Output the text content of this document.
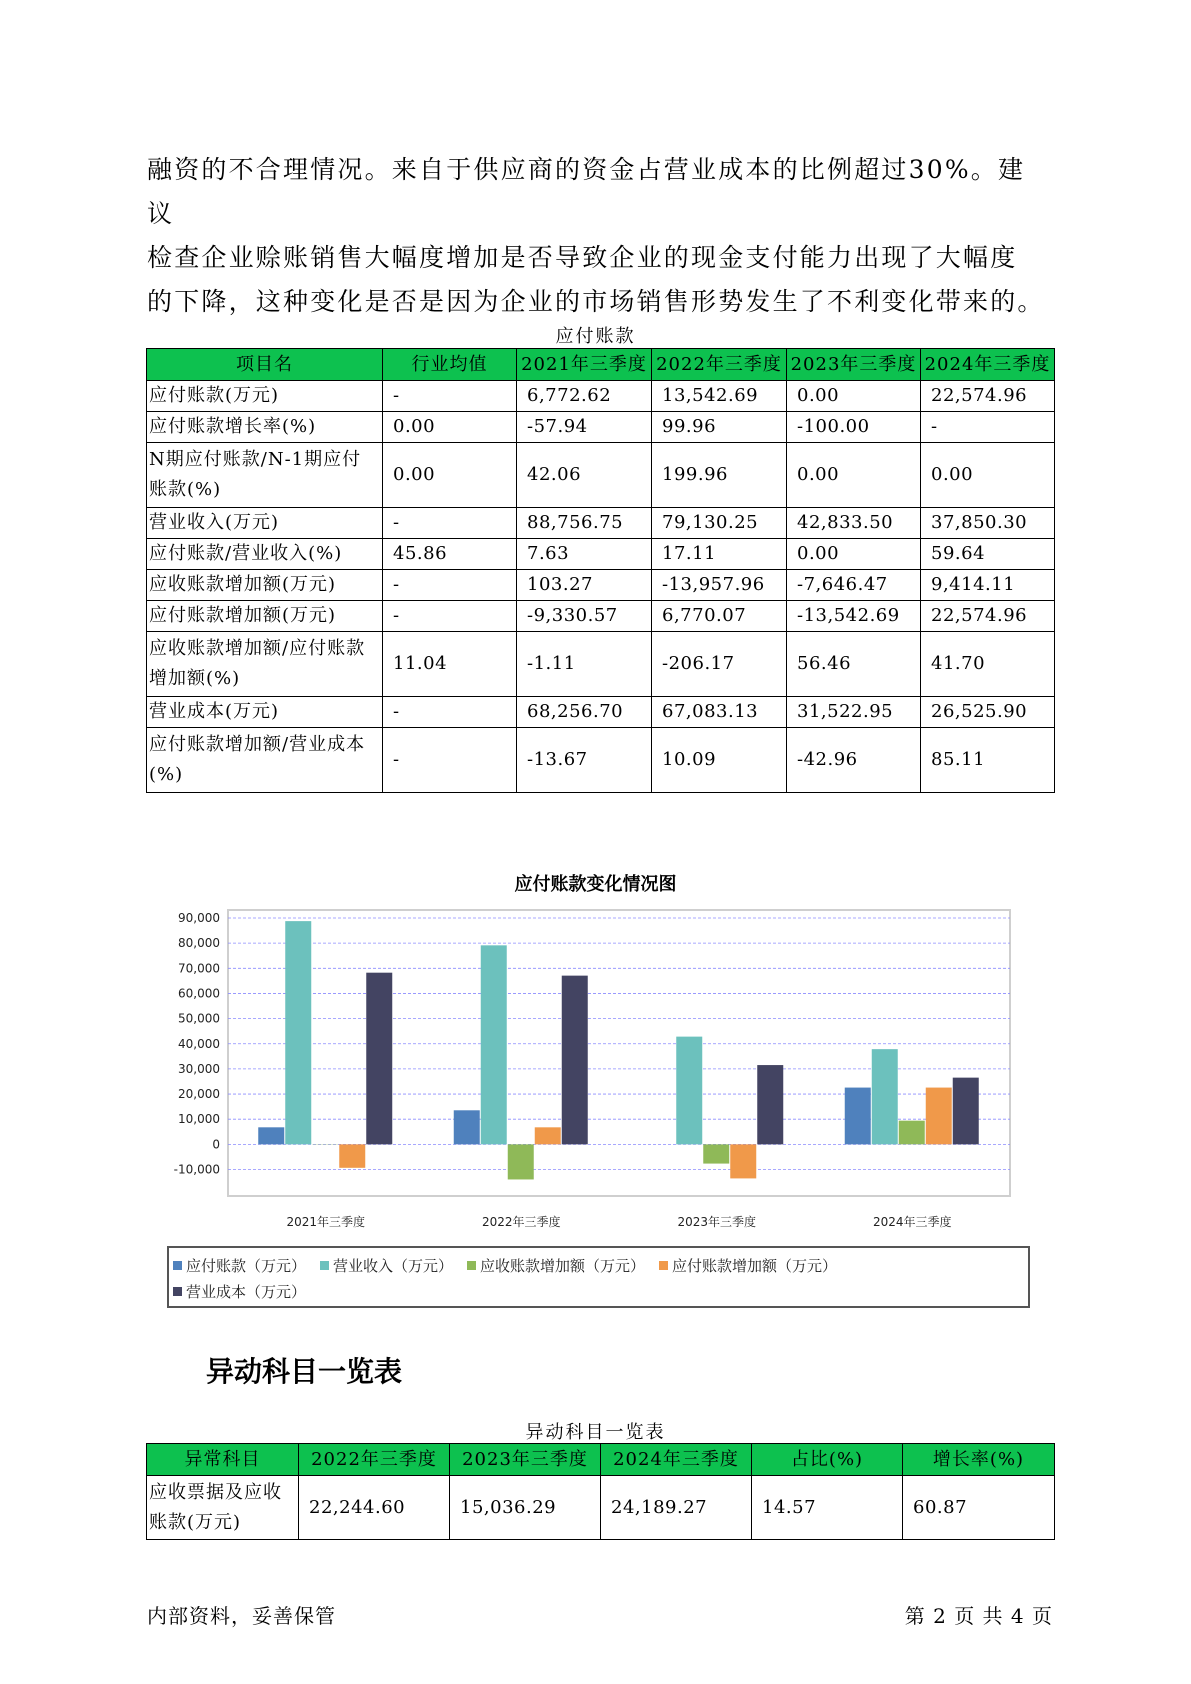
融资的不合理情况。来自于供应商的资金占营业成本的比例超过30%。建议

检查企业赊账销售大幅度增加是否导致企业的现金支付能力出现了大幅度

的下降，这种变化是否是因为企业的市场销售形势发生了不利变化带来的。

应付账款
项目名	行业均值	2021年三季度	2022年三季度	2023年三季度	2024年三季度
应付账款(万元)	-	6,772.62	13,542.69	0.00	22,574.96
应付账款增长率(%)	0.00	-57.94	99.96	-100.00	-
N期应付账款/N-1期应付账款(%)	0.00	42.06	199.96	0.00	0.00
营业收入(万元)	-	88,756.75	79,130.25	42,833.50	37,850.30
应付账款/营业收入(%)	45.86	7.63	17.11	0.00	59.64
应收账款增加额(万元)	-	103.27	-13,957.96	-7,646.47	9,414.11
应付账款增加额(万元)	-	-9,330.57	6,770.07	-13,542.69	22,574.96
应收账款增加额/应付账款增加额(%)	11.04	-1.11	-206.17	56.46	41.70
营业成本(万元)	-	68,256.70	67,083.13	31,522.95	26,525.90
应付账款增加额/营业成本(%)	-	-13.67	10.09	-42.96	85.11
应付账款变化情况图
90,000
80,000
70,000
60,000
50,000
40,000
30,000
20,000
10,000
0
-10,000
2021年三季度	2022年三季度	2023年三季度	2024年三季度
应付账款（万元） 营业收入（万元） 应收账款增加额（万元） 应付账款增加额（万元）
营业成本（万元）
异动科目一览表
异动科目一览表
异常科目	2022年三季度	2023年三季度	2024年三季度	占比(%)	增长率(%)
应收票据及应收账款(万元)	22,244.60	15,036.29	24,189.27	14.57	60.87
内部资料，妥善保管	第 2 页 共 4 页
